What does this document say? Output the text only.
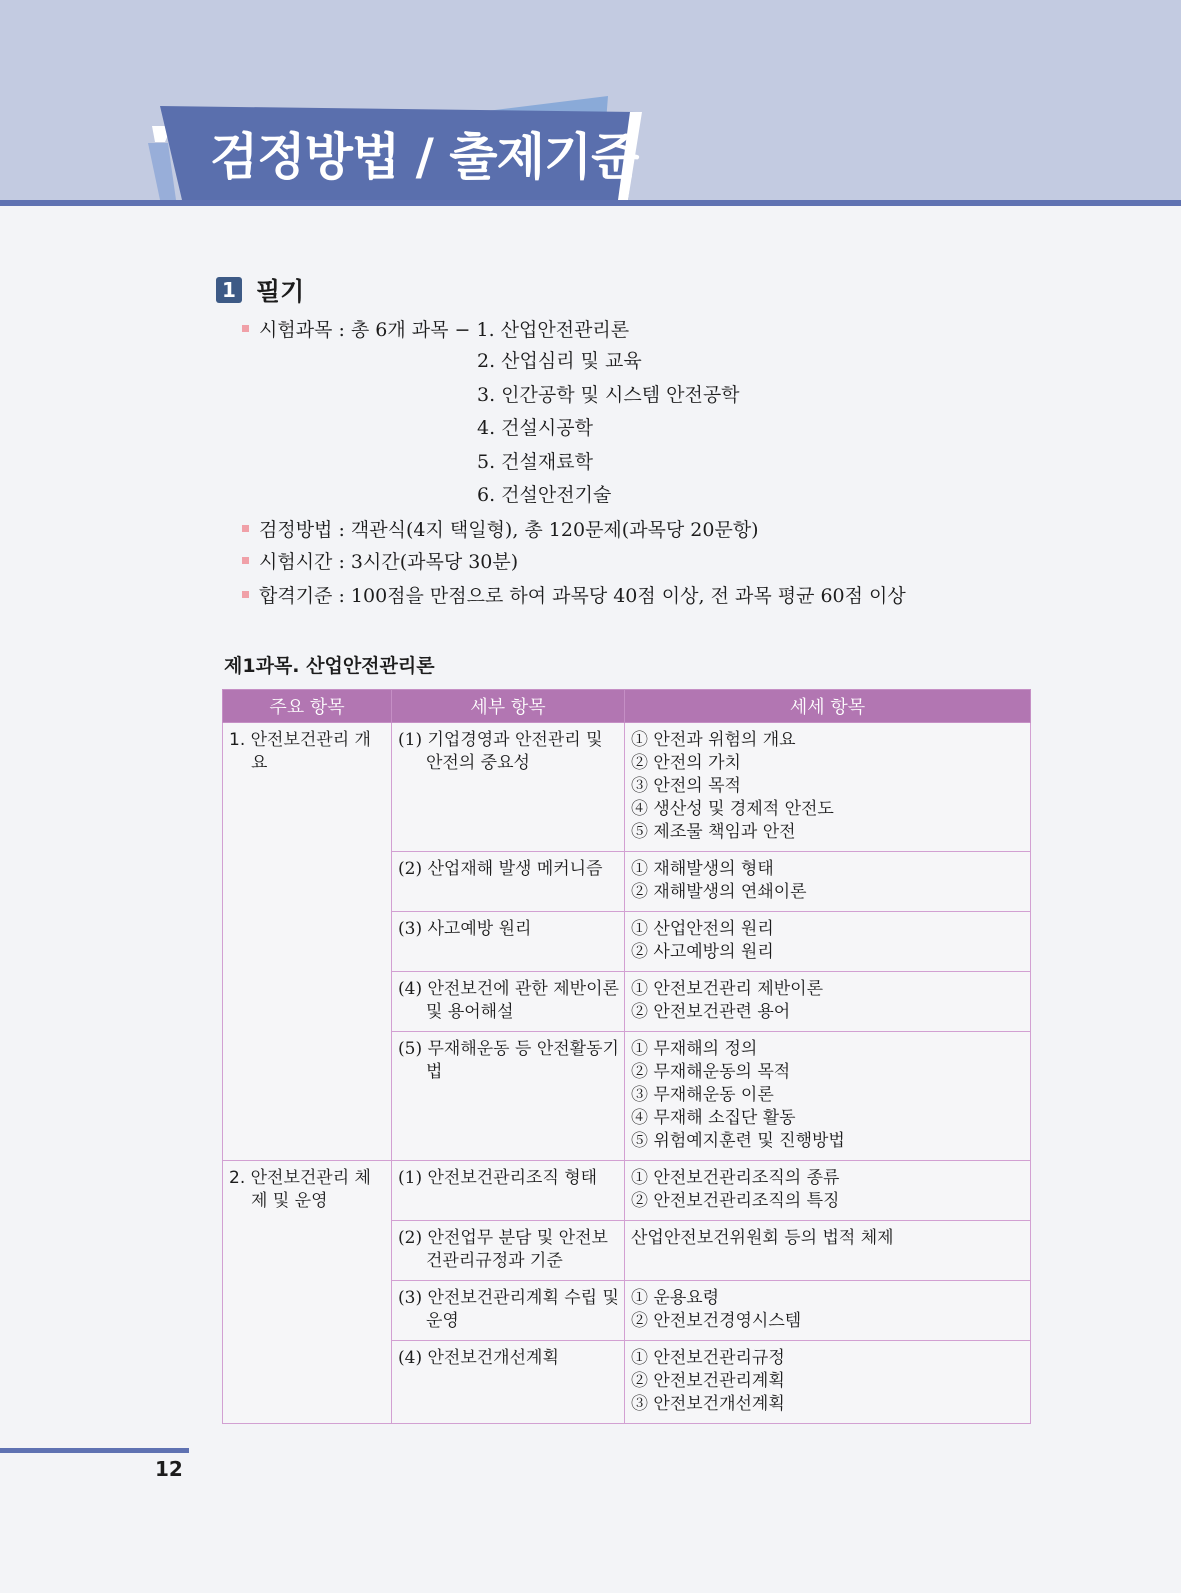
검정방법 / 출제기준
1 필기
시험과목 : 총 6개 과목 − 1. 산업안전관리론
2. 산업심리 및 교육
3. 인간공학 및 시스템 안전공학
4. 건설시공학
5. 건설재료학
6. 건설안전기술
검정방법 : 객관식(4지 택일형), 총 120문제(과목당 20문항)
시험시간 : 3시간(과목당 30분)
합격기준 : 100점을 만점으로 하여 과목당 40점 이상, 전 과목 평균 60점 이상
제1과목. 산업안전관리론
주요 항목	세부 항목	세세 항목

1. 안전보건관리 개요	(1) 기업경영과 안전관리 및 안전의 중요성	① 안전과 위험의 개요
② 안전의 가치
③ 안전의 목적
④ 생산성 및 경제적 안전도
⑤ 제조물 책임과 안전

	(2) 산업재해 발생 메커니즘	① 재해발생의 형태
② 재해발생의 연쇄이론

	(3) 사고예방 원리	① 산업안전의 원리
② 사고예방의 원리

	(4) 안전보건에 관한 제반이론 및 용어해설	① 안전보건관리 제반이론
② 안전보건관련 용어

	(5) 무재해운동 등 안전활동기법	① 무재해의 정의
② 무재해운동의 목적
③ 무재해운동 이론
④ 무재해 소집단 활동
⑤ 위험예지훈련 및 진행방법

2. 안전보건관리 체제 및 운영	(1) 안전보건관리조직 형태	① 안전보건관리조직의 종류
② 안전보건관리조직의 특징

	(2) 안전업무 분담 및 안전보건관리규정과 기준	산업안전보건위원회 등의 법적 체제

	(3) 안전보건관리계획 수립 및 운영	① 운용요령
② 안전보건경영시스템

	(4) 안전보건개선계획	① 안전보건관리규정
② 안전보건관리계획
③ 안전보건개선계획
12
